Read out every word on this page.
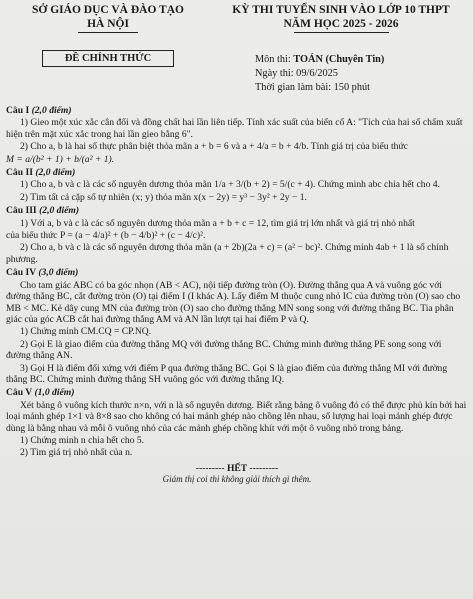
SỞ GIÁO DỤC VÀ ĐÀO TẠO
HÀ NỘI
ĐỀ CHÍNH THỨC
KỲ THI TUYỂN SINH VÀO LỚP 10 THPT
NĂM HỌC 2025 - 2026
Môn thi: TOÁN (Chuyên Tin)
Ngày thi: 09/6/2025
Thời gian làm bài: 150 phút
Câu I (2,0 điểm)
1) Gieo một xúc xắc cân đối và đồng chất hai lần liên tiếp. Tính xác suất của biến cố A: "Tích của hai số chấm xuất hiện trên mặt xúc xắc trong hai lần gieo bằng 6".
2) Cho a, b là hai số thực phân biệt thỏa mãn a + b = 6 và a + 4/a = b + 4/b. Tính giá trị của biểu thức
M = a/(b² + 1) + b/(a² + 1).
Câu II (2,0 điểm)
1) Cho a, b và c là các số nguyên dương thỏa mãn 1/a + 3/(b + 2) = 5/(c + 4). Chứng minh abc chia hết cho 4.
2) Tìm tất cả cặp số tự nhiên (x; y) thỏa mãn x(x − 2y) = y³ − 3y² + 2y − 1.
Câu III (2,0 điểm)
1) Với a, b và c là các số nguyên dương thỏa mãn a + b + c = 12, tìm giá trị lớn nhất và giá trị nhỏ nhất
của biểu thức P = (a − 4/a)² + (b − 4/b)² + (c − 4/c)².
2) Cho a, b và c là các số nguyên dương thỏa mãn (a + 2b)(2a + c) = (a² − bc)². Chứng minh 4ab + 1 là số chính phương.
Câu IV (3,0 điểm)
Cho tam giác ABC có ba góc nhọn (AB < AC), nội tiếp đường tròn (O). Đường thẳng qua A và vuông góc với đường thẳng BC, cắt đường tròn (O) tại điểm I (I khác A). Lấy điểm M thuộc cung nhỏ IC của đường tròn (O) sao cho MB < MC. Kẻ dây cung MN của đường tròn (O) sao cho đường thẳng MN song song với đường thẳng BC. Tia phân giác của góc ACB cắt hai đường thẳng AM và AN lần lượt tại hai điểm P và Q.
1) Chứng minh CM.CQ = CP.NQ.
2) Gọi E là giao điểm của đường thẳng MQ với đường thẳng BC. Chứng minh đường thẳng PE song song với đường thẳng AN.
3) Gọi H là điểm đối xứng với điểm P qua đường thẳng BC. Gọi S là giao điểm của đường thẳng MI với đường thẳng BC. Chứng minh đường thẳng SH vuông góc với đường thẳng IQ.
Câu V (1,0 điểm)
Xét bảng ô vuông kích thước n×n, với n là số nguyên dương. Biết rằng bảng ô vuông đó có thể được phủ kín bởi hai loại mảnh ghép 1×1 và 8×8 sao cho không có hai mảnh ghép nào chồng lên nhau, số lượng hai loại mảnh ghép được dùng là bằng nhau và mỗi ô vuông nhỏ của các mảnh ghép chồng khít với một ô vuông nhỏ trong bảng.
1) Chứng minh n chia hết cho 5.
2) Tìm giá trị nhỏ nhất của n.
--------- HẾT ---------
Giám thị coi thi không giải thích gì thêm.
